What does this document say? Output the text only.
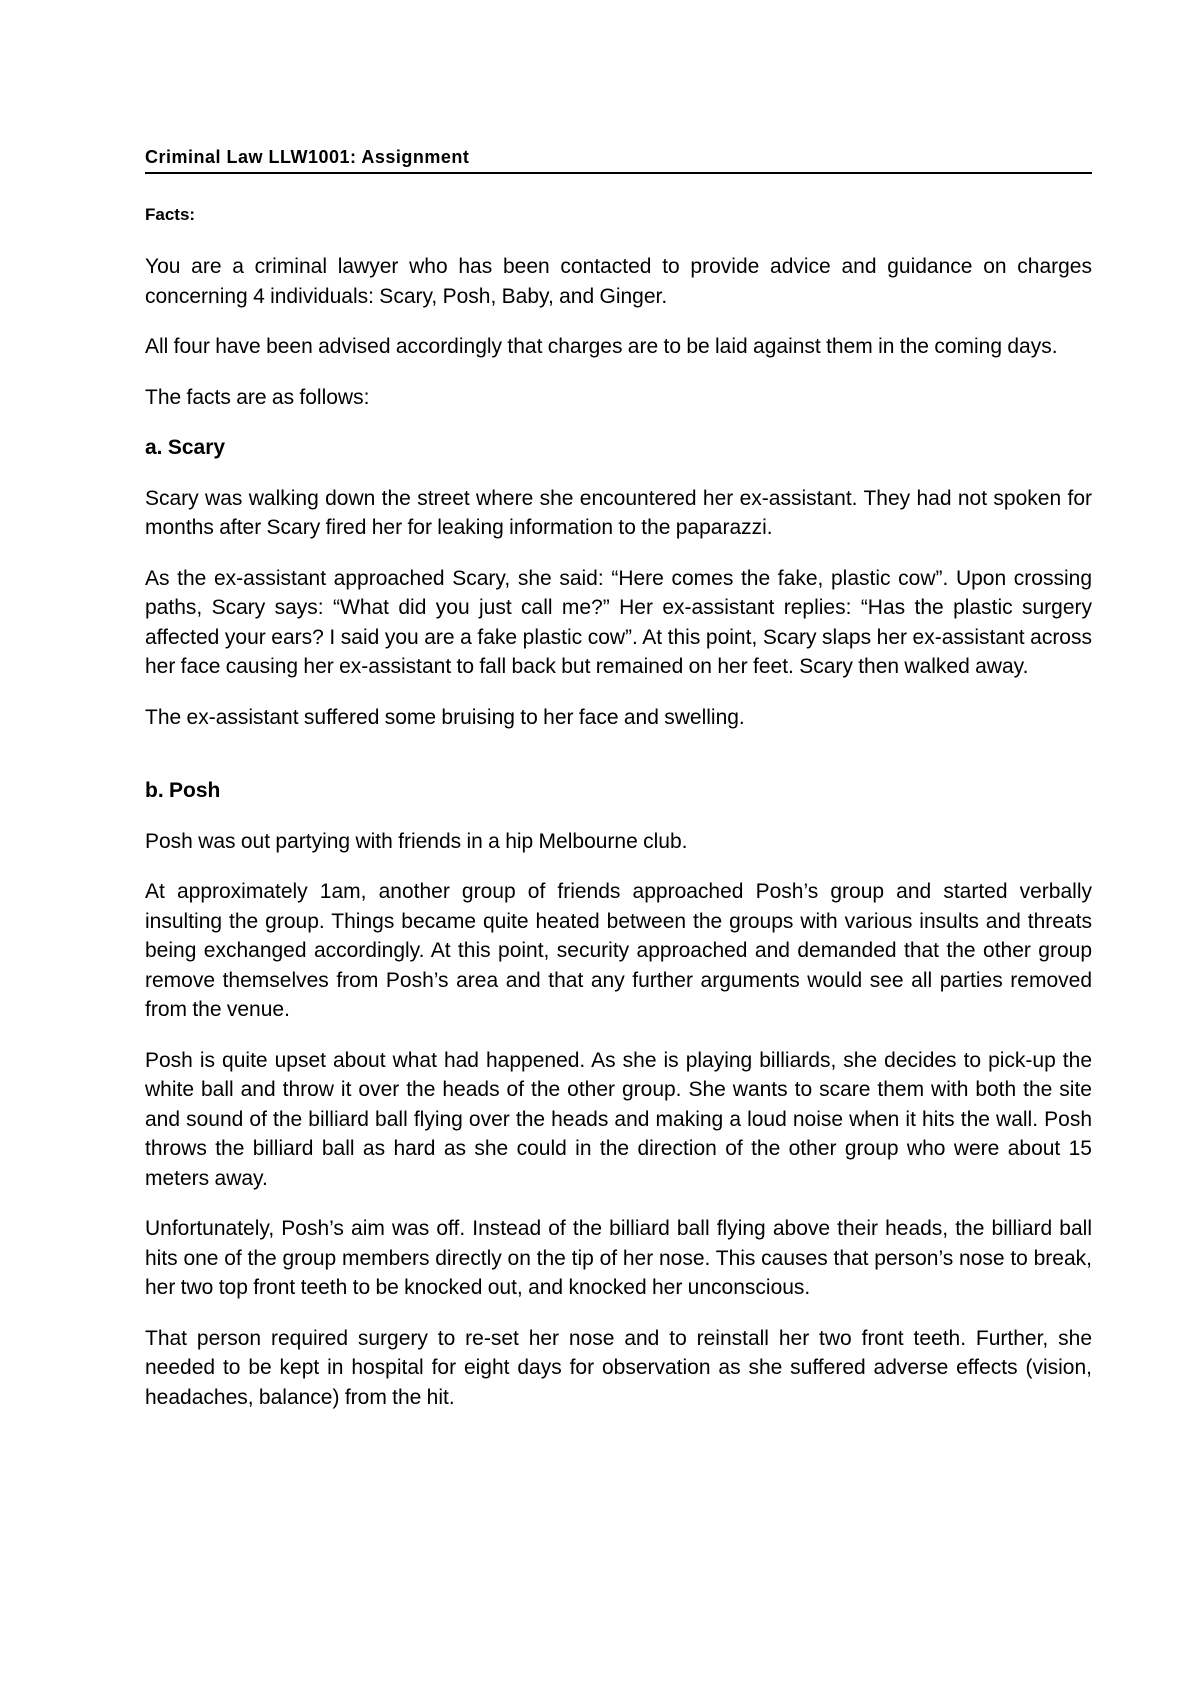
Criminal Law LLW1001: Assignment
Facts:

You are a criminal lawyer who has been contacted to provide advice and guidance on charges concerning 4 individuals: Scary, Posh, Baby, and Ginger.

All four have been advised accordingly that charges are to be laid against them in the coming days.

The facts are as follows:

a. Scary

Scary was walking down the street where she encountered her ex-assistant. They had not spoken for months after Scary fired her for leaking information to the paparazzi.

As the ex-assistant approached Scary, she said: “Here comes the fake, plastic cow”. Upon crossing paths, Scary says: “What did you just call me?” Her ex-assistant replies: “Has the plastic surgery affected your ears? I said you are a fake plastic cow”. At this point, Scary slaps her ex-assistant across her face causing her ex-assistant to fall back but remained on her feet. Scary then walked away.

The ex-assistant suffered some bruising to her face and swelling.

b. Posh

Posh was out partying with friends in a hip Melbourne club.

At approximately 1am, another group of friends approached Posh’s group and started verbally insulting the group. Things became quite heated between the groups with various insults and threats being exchanged accordingly. At this point, security approached and demanded that the other group remove themselves from Posh’s area and that any further arguments would see all parties removed from the venue.

Posh is quite upset about what had happened. As she is playing billiards, she decides to pick-up the white ball and throw it over the heads of the other group. She wants to scare them with both the site and sound of the billiard ball flying over the heads and making a loud noise when it hits the wall. Posh throws the billiard ball as hard as she could in the direction of the other group who were about 15 meters away.

Unfortunately, Posh’s aim was off. Instead of the billiard ball flying above their heads, the billiard ball hits one of the group members directly on the tip of her nose. This causes that person’s nose to break, her two top front teeth to be knocked out, and knocked her unconscious.

That person required surgery to re-set her nose and to reinstall her two front teeth. Further, she needed to be kept in hospital for eight days for observation as she suffered adverse effects (vision, headaches, balance) from the hit.
